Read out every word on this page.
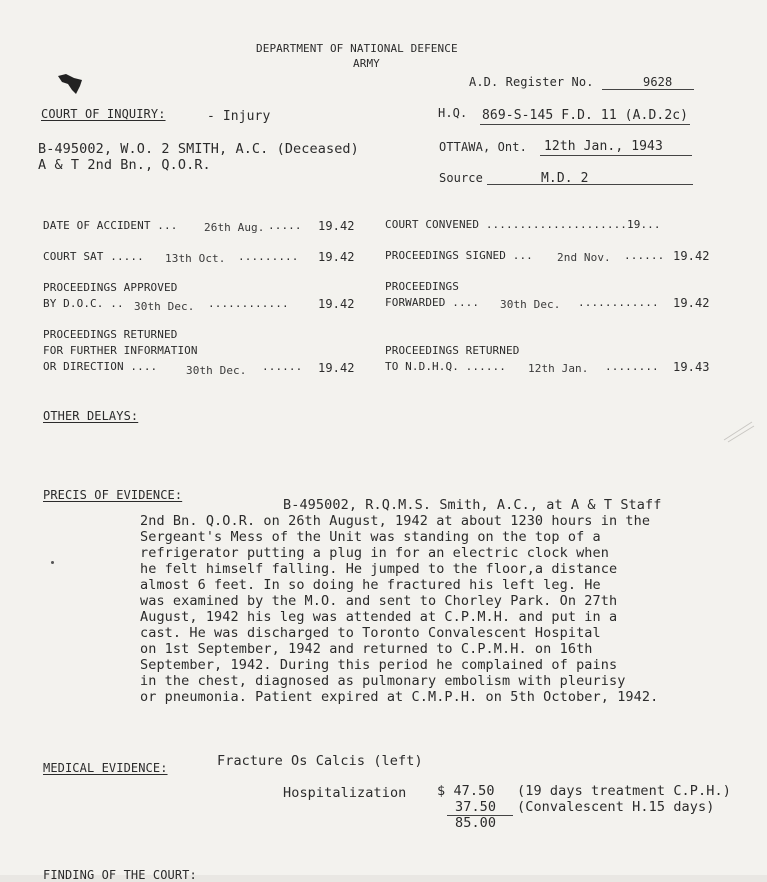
DEPARTMENT OF NATIONAL DEFENCE
ARMY
A.D. Register No.	9628
COURT OF INQUIRY:	- Injury	H.Q. 869-S-145 F.D. 11 (A.D.2c)
B-495002, W.O. 2 SMITH, A.C. (Deceased)
A & T 2nd Bn., Q.O.R.
OTTAWA, Ont. 12th Jan., 1943
Source	M.D. 2
DATE OF ACCIDENT ... 26th Aug. ..... 19.42
COURT SAT ..... 13th Oct. ......... 19.42
PROCEEDINGS APPROVED
BY D.O.C. .. 30th Dec. ............ 19.42
PROCEEDINGS RETURNED
FOR FURTHER INFORMATION
OR DIRECTION ....	30th Dec. ...... 19.42
COURT CONVENED .....................19...
PROCEEDINGS SIGNED ... 2nd Nov. ...... 19.42
PROCEEDINGS
FORWARDED .... 30th Dec. ............ 19.42
PROCEEDINGS RETURNED
TO N.D.H.Q. ...... 12th Jan. ........ 19.43
OTHER DELAYS:
PRECIS OF EVIDENCE:
B-495002, R.Q.M.S. Smith, A.C., at A & T Staff
2nd Bn. Q.O.R. on 26th August, 1942 at about 1230 hours in the
Sergeant's Mess of the Unit was standing on the top of a
refrigerator putting a plug in for an electric clock when
he felt himself falling. He jumped to the floor,a distance
almost 6 feet. In so doing he fractured his left leg. He
was examined by the M.O. and sent to Chorley Park. On 27th
August, 1942 his leg was attended at C.P.M.H. and put in a
cast. He was discharged to Toronto Convalescent Hospital
on 1st September, 1942 and returned to C.P.M.H. on 16th
September, 1942. During this period he complained of pains
in the chest, diagnosed as pulmonary embolism with pleurisy
or pneumonia. Patient expired at C.M.P.H. on 5th October, 1942.
MEDICAL EVIDENCE:	Fracture Os Calcis (left)
Hospitalization $ 47.50 (19 days treatment C.P.H.)
37.50 (Convalescent H.15 days)
85.00
FINDING OF THE COURT:
